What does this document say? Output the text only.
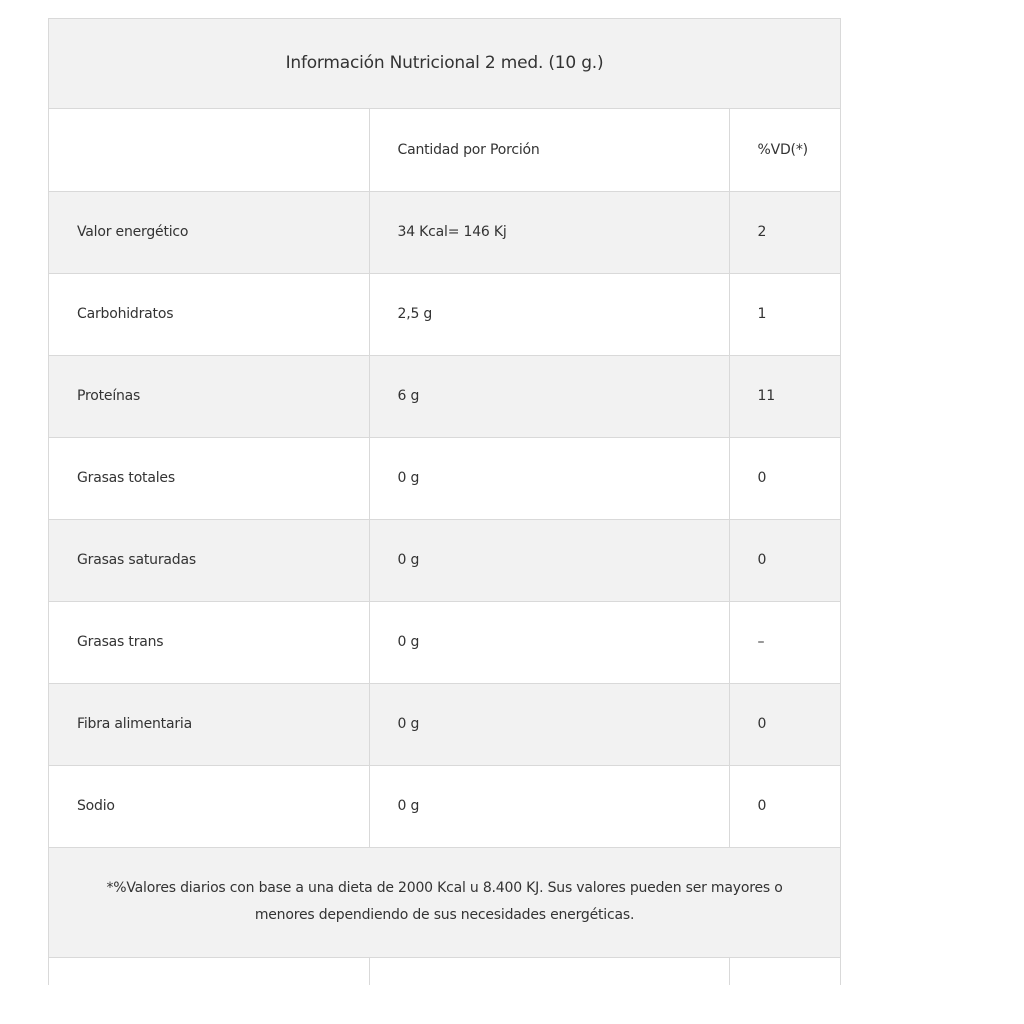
Información Nutricional 2 med. (10 g.)		
	Cantidad por Porción	%VD(*)
Valor energético	34 Kcal= 146 Kj	2
Carbohidratos	2,5 g	1
Proteínas	6 g	11
Grasas totales	0 g	0
Grasas saturadas	0 g	0
Grasas trans	0 g	–
Fibra alimentaria	0 g	0
Sodio	0 g	0
*%Valores diarios con base a una dieta de 2000 Kcal u 8.400 KJ. Sus valores pueden ser mayores o menores dependiendo de sus necesidades energéticas.		
